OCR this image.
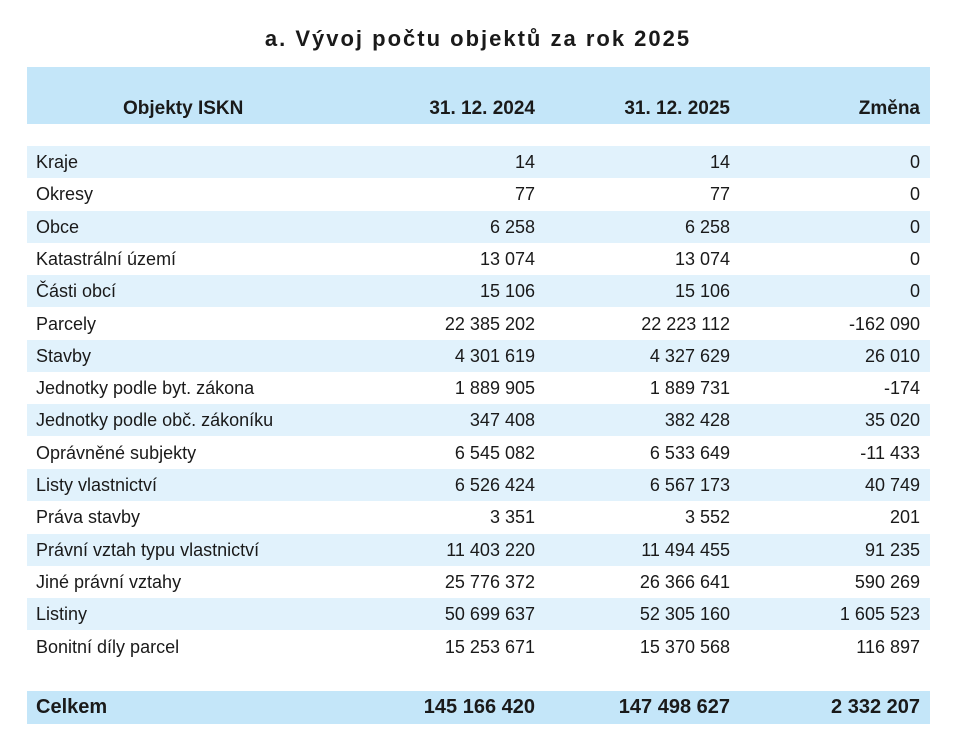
a. Vývoj počtu objektů za rok 2025
Objekty ISKN	31. 12. 2024	31. 12. 2025	Změna
Kraje	14	14	0
Okresy	77	77	0
Obce	6 258	6 258	0
Katastrální území	13 074	13 074	0
Části obcí	15 106	15 106	0
Parcely	22 385 202	22 223 112	-162 090
Stavby	4 301 619	4 327 629	26 010
Jednotky podle byt. zákona	1 889 905	1 889 731	-174
Jednotky podle obč. zákoníku	347 408	382 428	35 020
Oprávněné subjekty	6 545 082	6 533 649	-11 433
Listy vlastnictví	6 526 424	6 567 173	40 749
Práva stavby	3 351	3 552	201
Právní vztah typu vlastnictví	11 403 220	11 494 455	91 235
Jiné právní vztahy	25 776 372	26 366 641	590 269
Listiny	50 699 637	52 305 160	1 605 523
Bonitní díly parcel	15 253 671	15 370 568	116 897
Celkem	145 166 420	147 498 627	2 332 207
